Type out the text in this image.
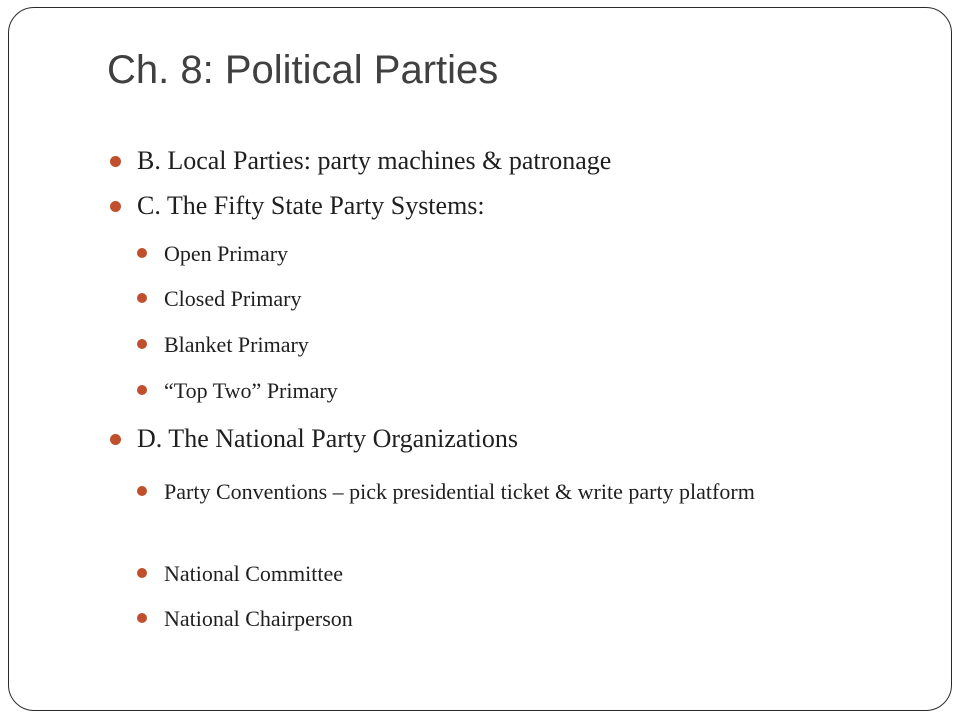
Ch. 8: Political Parties
B. Local Parties: party machines & patronage
C. The Fifty State Party Systems:
Open Primary
Closed Primary
Blanket Primary
“Top Two” Primary
D. The National Party Organizations
Party Conventions – pick presidential ticket & write party platform
National Committee
National Chairperson
